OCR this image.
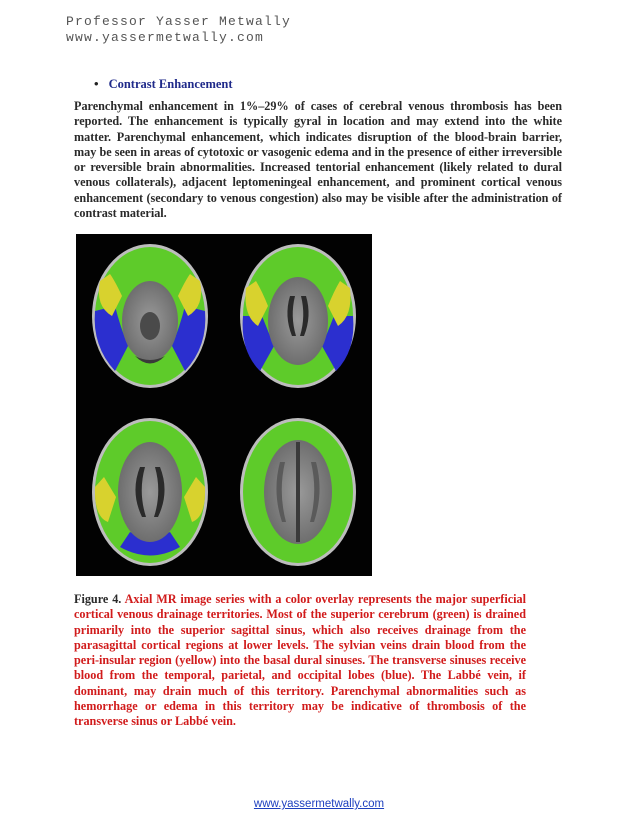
Professor Yasser Metwally
www.yassermetwally.com
• Contrast Enhancement
Parenchymal enhancement in 1%–29% of cases of cerebral venous thrombosis has been reported. The enhancement is typically gyral in location and may extend into the white matter. Parenchymal enhancement, which indicates disruption of the blood-brain barrier, may be seen in areas of cytotoxic or vasogenic edema and in the presence of either irreversible or reversible brain abnormalities. Increased tentorial enhancement (likely related to dural venous collaterals), adjacent leptomeningeal enhancement, and prominent cortical venous enhancement (secondary to venous congestion) also may be visible after the administration of contrast material.
Figure 4. Axial MR image series with a color overlay represents the major superficial cortical venous drainage territories. Most of the superior cerebrum (green) is drained primarily into the superior sagittal sinus, which also receives drainage from the parasagittal cortical regions at lower levels. The sylvian veins drain blood from the peri-insular region (yellow) into the basal dural sinuses. The transverse sinuses receive blood from the temporal, parietal, and occipital lobes (blue). The Labbé vein, if dominant, may drain much of this territory. Parenchymal abnormalities such as hemorrhage or edema in this territory may be indicative of thrombosis of the transverse sinus or Labbé vein.
www.yassermetwally.com
